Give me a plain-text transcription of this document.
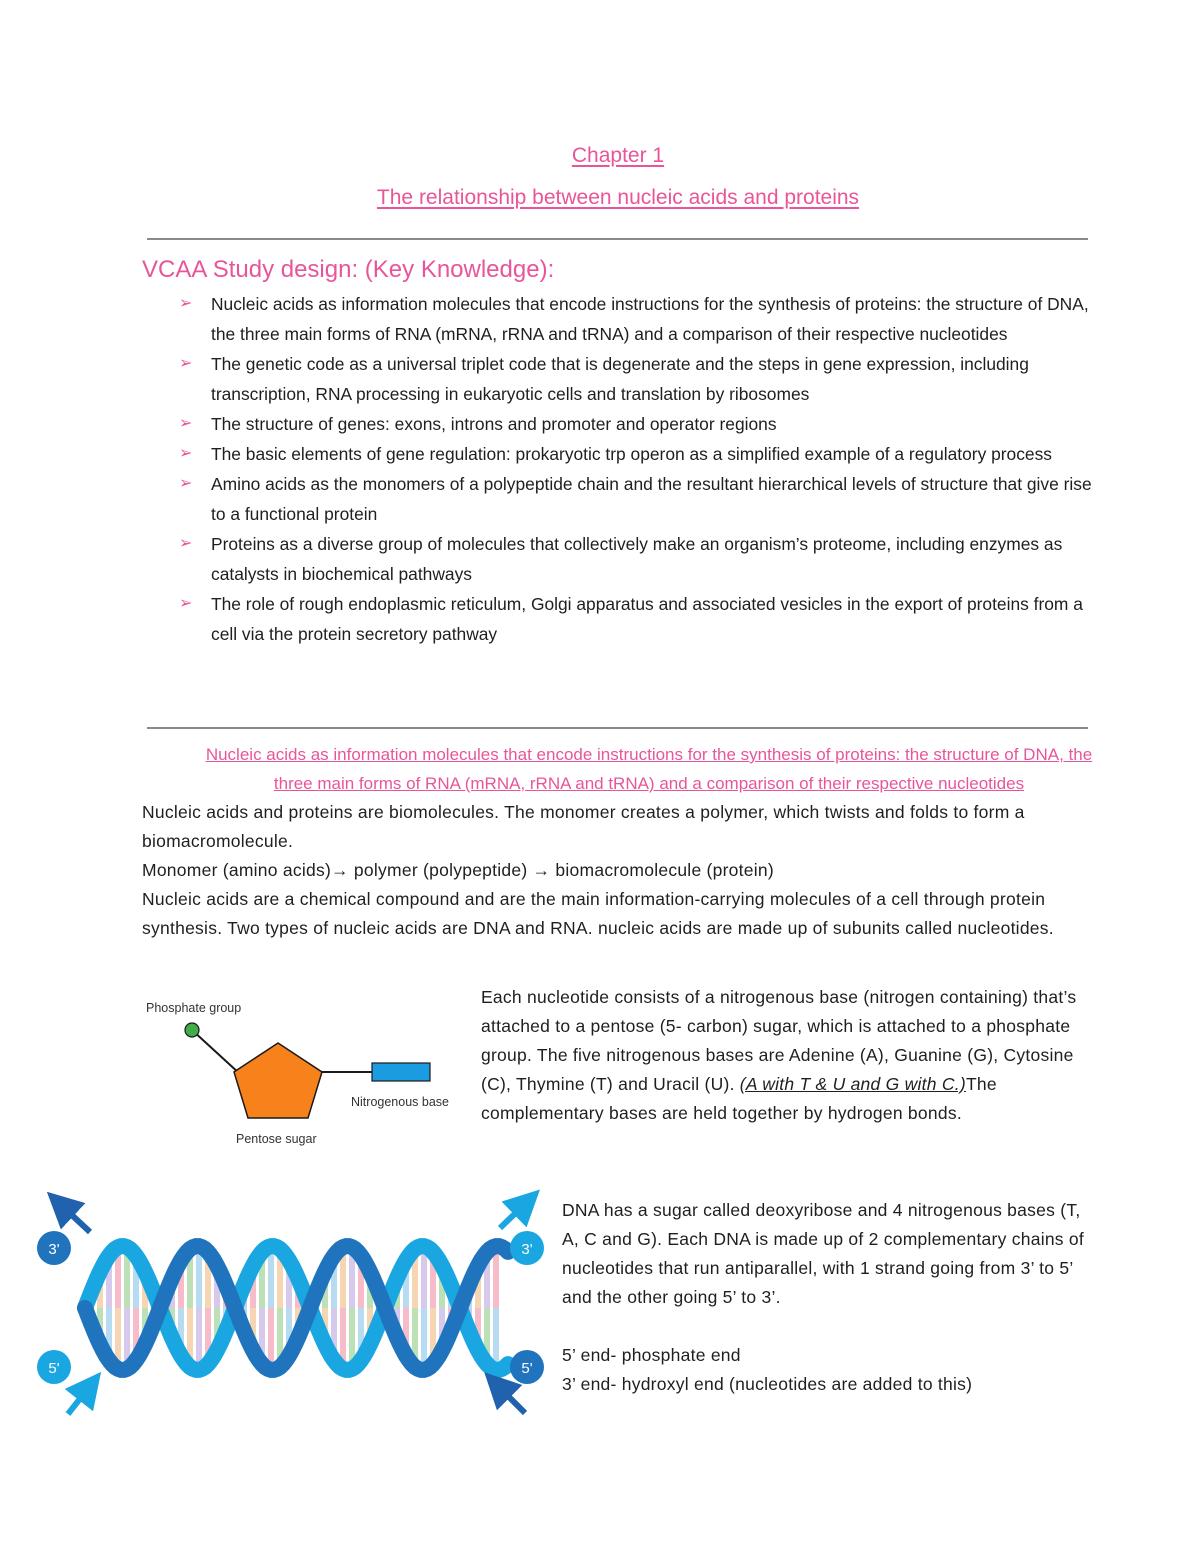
Chapter 1
The relationship between nucleic acids and proteins
VCAA Study design: (Key Knowledge):
➢ Nucleic acids as information molecules that encode instructions for the synthesis of proteins: the structure of DNA, the three main forms of RNA (mRNA, rRNA and tRNA) and a comparison of their respective nucleotides
➢ The genetic code as a universal triplet code that is degenerate and the steps in gene expression, including transcription, RNA processing in eukaryotic cells and translation by ribosomes
➢ The structure of genes: exons, introns and promoter and operator regions
➢ The basic elements of gene regulation: prokaryotic trp operon as a simplified example of a regulatory process
➢ Amino acids as the monomers of a polypeptide chain and the resultant hierarchical levels of structure that give rise to a functional protein
➢ Proteins as a diverse group of molecules that collectively make an organism’s proteome, including enzymes as catalysts in biochemical pathways
➢ The role of rough endoplasmic reticulum, Golgi apparatus and associated vesicles in the export of proteins from a cell via the protein secretory pathway
Nucleic acids as information molecules that encode instructions for the synthesis of proteins: the structure of DNA, the three main forms of RNA (mRNA, rRNA and tRNA) and a comparison of their respective nucleotides

Nucleic acids and proteins are biomolecules. The monomer creates a polymer, which twists and folds to form a biomacromolecule.

Monomer (amino acids)→ polymer (polypeptide) → biomacromolecule (protein)

Nucleic acids are a chemical compound and are the main information-carrying molecules of a cell through protein synthesis. Two types of nucleic acids are DNA and RNA. nucleic acids are made up of subunits called nucleotides.

Phosphate group
Nitrogenous base
Pentose sugar

Each nucleotide consists of a nitrogenous base (nitrogen containing) that’s attached to a pentose (5- carbon) sugar, which is attached to a phosphate group. The five nitrogenous bases are Adenine (A), Guanine (G), Cytosine (C), Thymine (T) and Uracil (U). (A with T & U and G with C.)The complementary bases are held together by hydrogen bonds.

3'
5'
3'
5'

DNA has a sugar called deoxyribose and 4 nitrogenous bases (T, A, C and G). Each DNA is made up of 2 complementary chains of nucleotides that run antiparallel, with 1 strand going from 3’ to 5’ and the other going 5’ to 3’.

5’ end- phosphate end

3’ end- hydroxyl end (nucleotides are added to this)
